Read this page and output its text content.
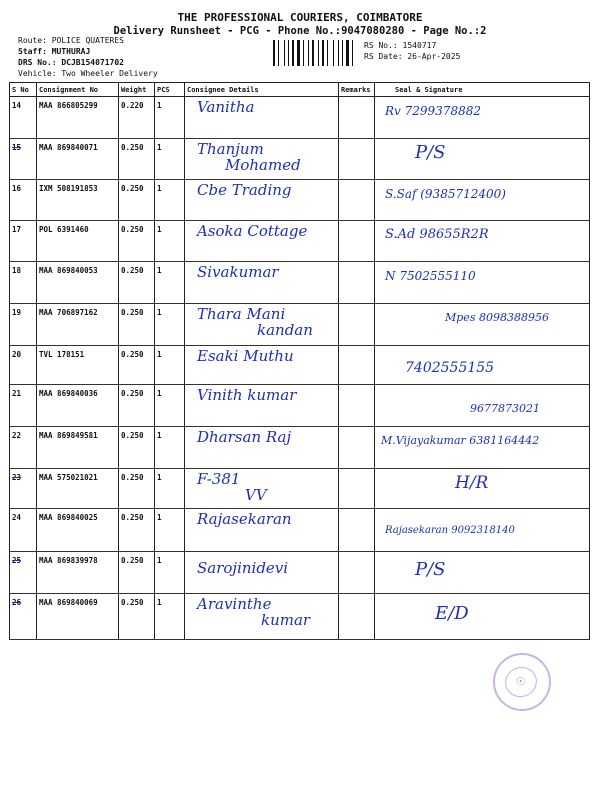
THE PROFESSIONAL COURIERS, COIMBATORE
Delivery Runsheet - PCG - Phone No.:9047080280 - Page No.:2
Route: POLICE QUATERES
Staff: MUTHURAJ
DRS No.: DCJB154071702
Vehicle: Two Wheeler Delivery
RS No.: 1540717
RS Date: 26-Apr-2025
S No	Consignment No	Weight	PCS	Consignee Details	Remarks	Seal & Signature
14	MAA 866805299	0.220	1	Vanitha		Rv 7299378882
15	MAA 869840071	0.250	1	Thanjum
Mohamed		P/S
16	IXM 508191853	0.250	1	Cbe Trading		S.Saf (9385712400)
17	POL 6391460	0.250	1	Asoka Cottage		S.Ad 98655R2R
18	MAA 869840053	0.250	1	Sivakumar		N 7502555110
19	MAA 706897162	0.250	1	Thara Mani
kandan		Mpes 8098388956
20	TVL 178151	0.250	1	Esaki Muthu		7402555155
21	MAA 869840036	0.250	1	Vinith kumar		9677873021
22	MAA 869849581	0.250	1	Dharsan Raj		M.Vijayakumar 6381164442
23	MAA 575021021	0.250	1	F-381
VV		H/R
24	MAA 869840025	0.250	1	Rajasekaran		Rajasekaran 9092318140
25	MAA 869839978	0.250	1	Sarojinidevi		P/S
26	MAA 869840069	0.250	1	Aravinthe
kumar		E/D
☉
